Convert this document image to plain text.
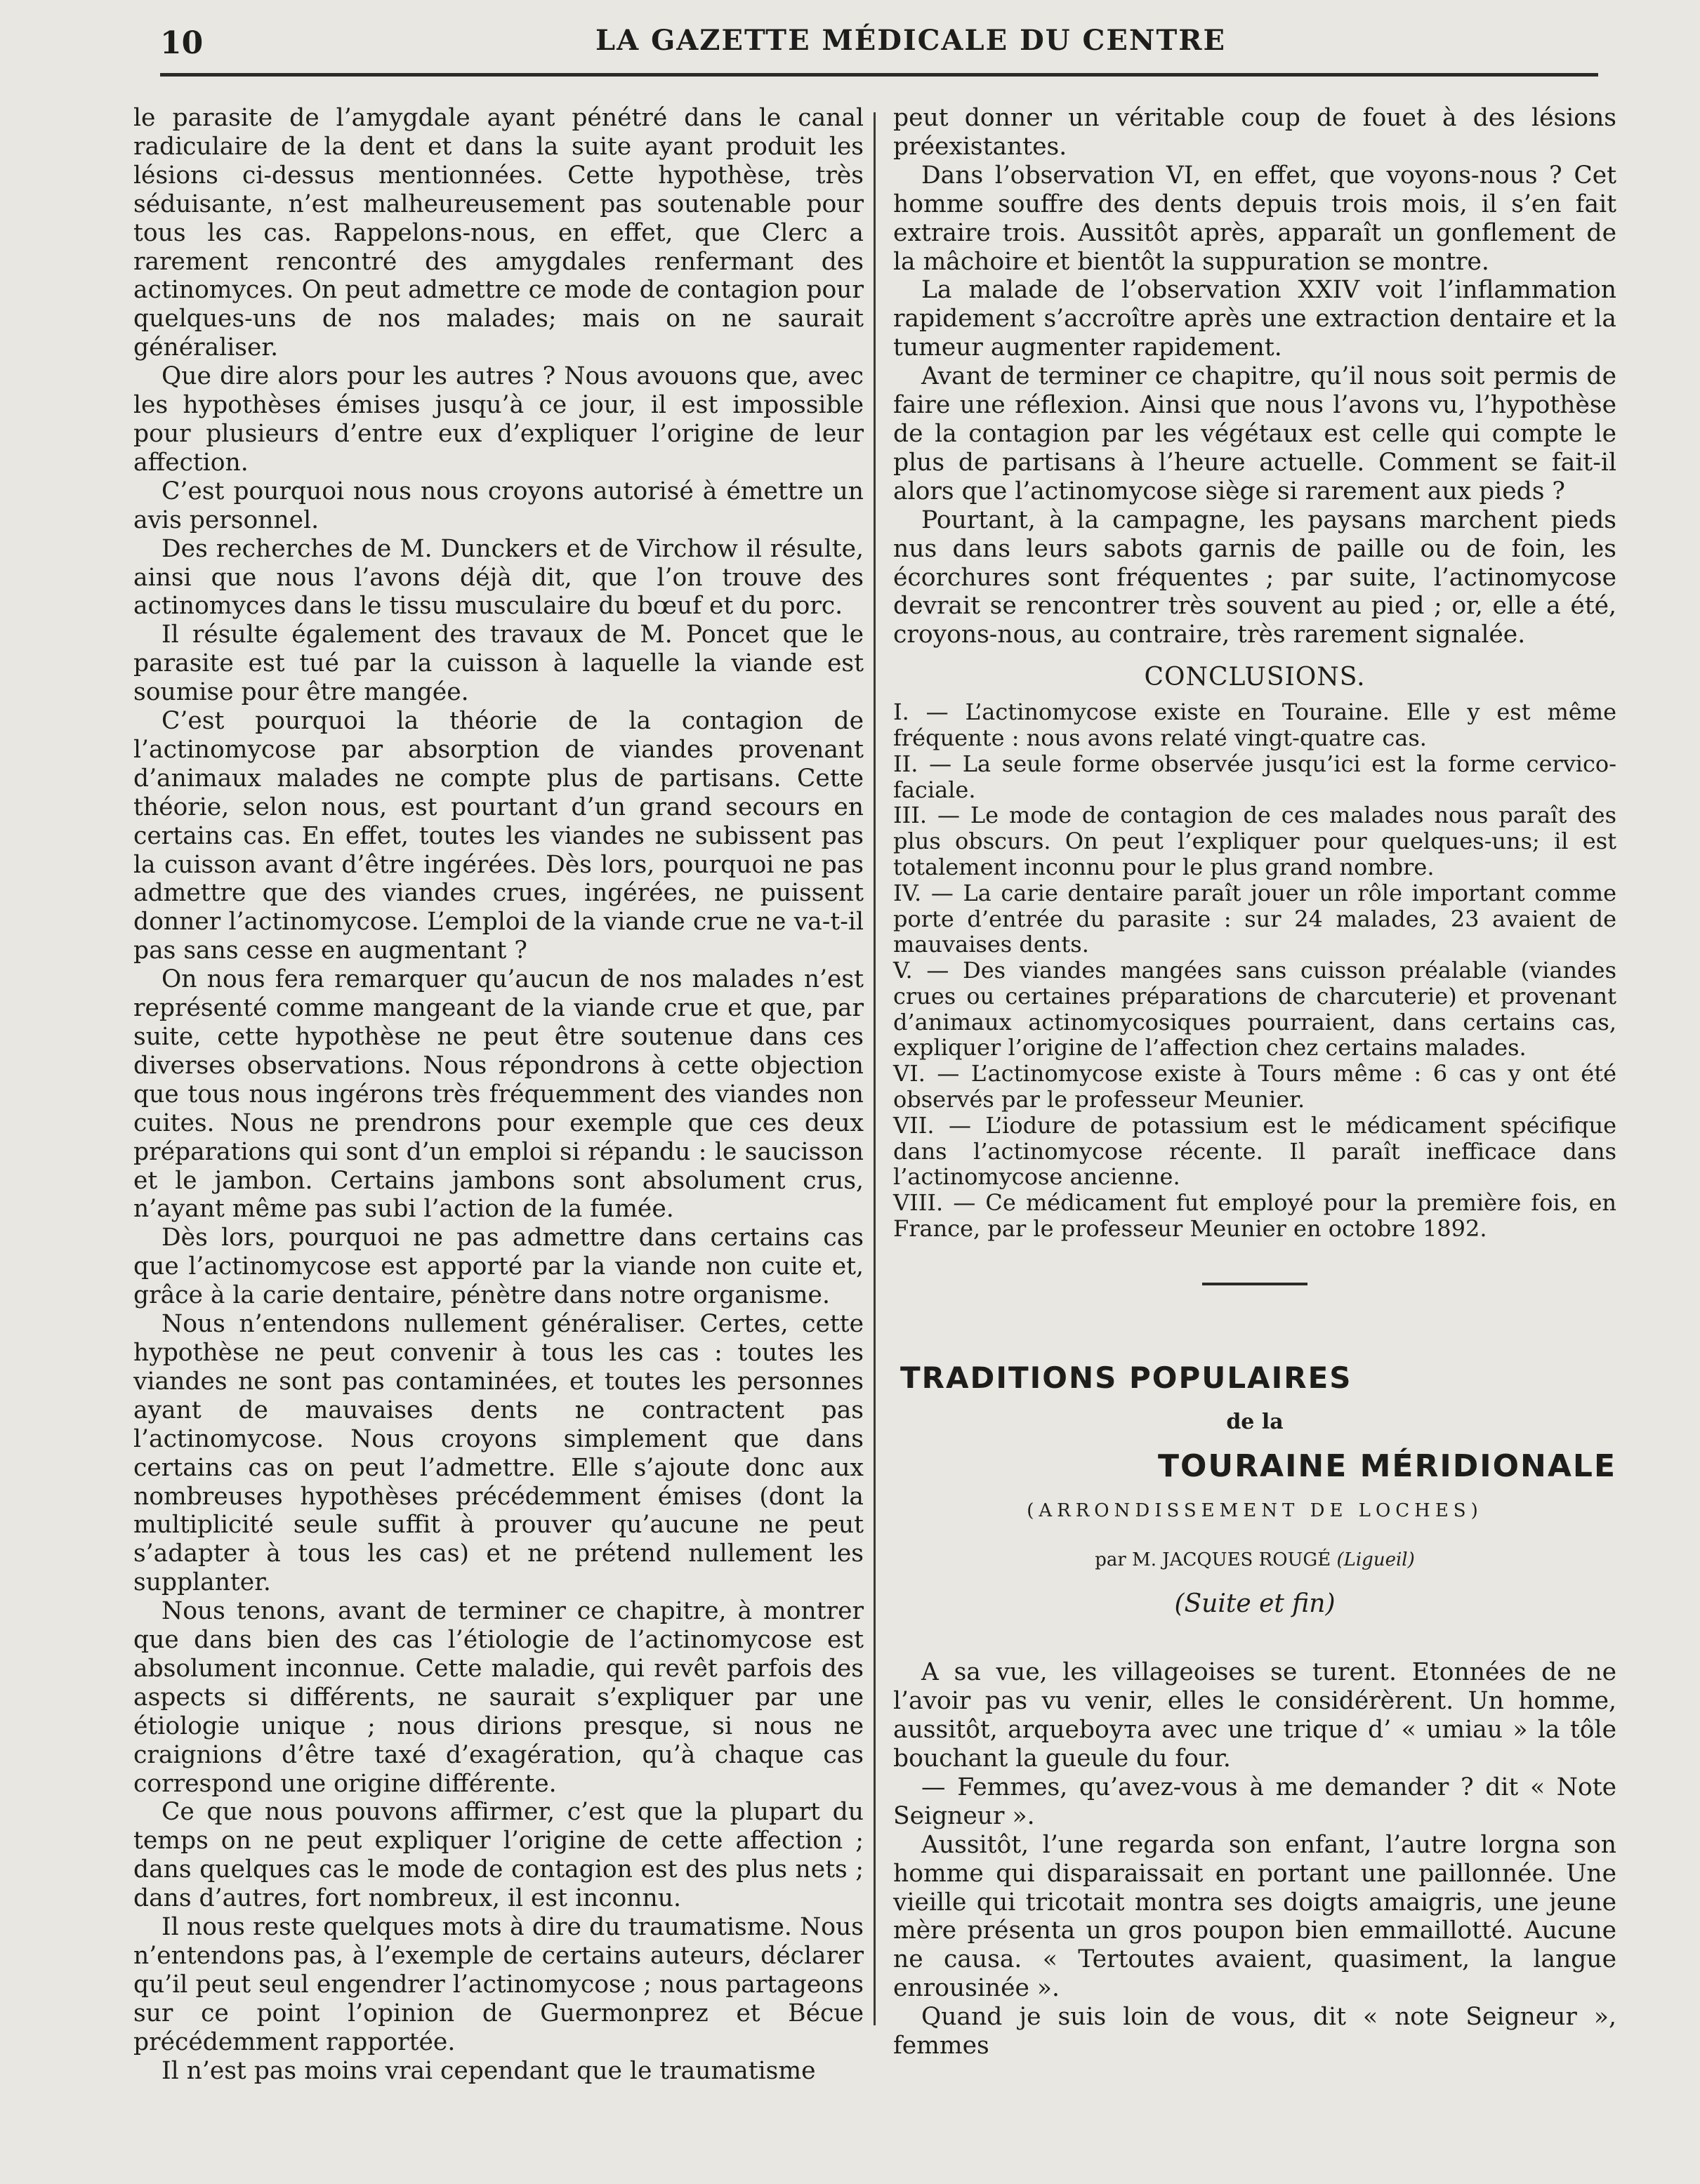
10	LA GAZETTE MÉDICALE DU CENTRE

le parasite de l’amygdale ayant pénétré dans le canal radiculaire de la dent et dans la suite ayant produit les lésions ci-dessus mentionnées. Cette hypothèse, très séduisante, n’est malheureusement pas soutenable pour tous les cas. Rappelons-nous, en effet, que Clerc a rarement rencontré des amygdales renfermant des actinomyces. On peut admettre ce mode de contagion pour quelques-uns de nos malades; mais on ne saurait généraliser.

Que dire alors pour les autres ? Nous avouons que, avec les hypothèses émises jusqu’à ce jour, il est impossible pour plusieurs d’entre eux d’expliquer l’origine de leur affection.

C’est pourquoi nous nous croyons autorisé à émettre un avis personnel.

Des recherches de M. Dunckers et de Virchow il résulte, ainsi que nous l’avons déjà dit, que l’on trouve des actinomyces dans le tissu musculaire du bœuf et du porc.

Il résulte également des travaux de M. Poncet que le parasite est tué par la cuisson à laquelle la viande est soumise pour être mangée.

C’est pourquoi la théorie de la contagion de l’actinomycose par absorption de viandes provenant d’animaux malades ne compte plus de partisans. Cette théorie, selon nous, est pourtant d’un grand secours en certains cas. En effet, toutes les viandes ne subissent pas la cuisson avant d’être ingérées. Dès lors, pourquoi ne pas admettre que des viandes crues, ingérées, ne puissent donner l’actinomycose. L’emploi de la viande crue ne va-t-il pas sans cesse en augmentant ?

On nous fera remarquer qu’aucun de nos malades n’est représenté comme mangeant de la viande crue et que, par suite, cette hypothèse ne peut être soutenue dans ces diverses observations. Nous répondrons à cette objection que tous nous ingérons très fréquemment des viandes non cuites. Nous ne prendrons pour exemple que ces deux préparations qui sont d’un emploi si répandu : le saucisson et le jambon. Certains jambons sont absolument crus, n’ayant même pas subi l’action de la fumée.

Dès lors, pourquoi ne pas admettre dans certains cas que l’actinomycose est apporté par la viande non cuite et, grâce à la carie dentaire, pénètre dans notre organisme.

Nous n’entendons nullement généraliser. Certes, cette hypothèse ne peut convenir à tous les cas : toutes les viandes ne sont pas contaminées, et toutes les personnes ayant de mauvaises dents ne contractent pas l’actinomycose. Nous croyons simplement que dans certains cas on peut l’admettre. Elle s’ajoute donc aux nombreuses hypothèses précédemment émises (dont la multiplicité seule suffit à prouver qu’aucune ne peut s’adapter à tous les cas) et ne prétend nullement les supplanter.

Nous tenons, avant de terminer ce chapitre, à montrer que dans bien des cas l’étiologie de l’actinomycose est absolument inconnue. Cette maladie, qui revêt parfois des aspects si différents, ne saurait s’expliquer par une étiologie unique ; nous dirions presque, si nous ne craignions d’être taxé d’exagération, qu’à chaque cas correspond une origine différente.

Ce que nous pouvons affirmer, c’est que la plupart du temps on ne peut expliquer l’origine de cette affection ; dans quelques cas le mode de contagion est des plus nets ; dans d’autres, fort nombreux, il est inconnu.

Il nous reste quelques mots à dire du traumatisme. Nous n’entendons pas, à l’exemple de certains auteurs, déclarer qu’il peut seul engendrer l’actinomycose ; nous partageons sur ce point l’opinion de Guermonprez et Bécue précédemment rapportée.

Il n’est pas moins vrai cependant que le traumatisme

peut donner un véritable coup de fouet à des lésions préexistantes.

Dans l’observation VI, en effet, que voyons-nous ? Cet homme souffre des dents depuis trois mois, il s’en fait extraire trois. Aussitôt après, apparaît un gonflement de la mâchoire et bientôt la suppuration se montre.

La malade de l’observation XXIV voit l’inflammation rapidement s’accroître après une extraction dentaire et la tumeur augmenter rapidement.

Avant de terminer ce chapitre, qu’il nous soit permis de faire une réflexion. Ainsi que nous l’avons vu, l’hypothèse de la contagion par les végétaux est celle qui compte le plus de partisans à l’heure actuelle. Comment se fait-il alors que l’actinomycose siège si rarement aux pieds ?

Pourtant, à la campagne, les paysans marchent pieds nus dans leurs sabots garnis de paille ou de foin, les écorchures sont fréquentes ; par suite, l’actinomycose devrait se rencontrer très souvent au pied ; or, elle a été, croyons-nous, au contraire, très rarement signalée.

CONCLUSIONS.

I. — L’actinomycose existe en Touraine. Elle y est même fréquente : nous avons relaté vingt-quatre cas.

II. — La seule forme observée jusqu’ici est la forme cervico-faciale.

III. — Le mode de contagion de ces malades nous paraît des plus obscurs. On peut l’expliquer pour quelques-uns; il est totalement inconnu pour le plus grand nombre.

IV. — La carie dentaire paraît jouer un rôle important comme porte d’entrée du parasite : sur 24 malades, 23 avaient de mauvaises dents.

V. — Des viandes mangées sans cuisson préalable (viandes crues ou certaines préparations de charcuterie) et provenant d’animaux actinomycosiques pourraient, dans certains cas, expliquer l’origine de l’affection chez certains malades.

VI. — L’actinomycose existe à Tours même : 6 cas y ont été observés par le professeur Meunier.

VII. — L’iodure de potassium est le médicament spécifique dans l’actinomycose récente. Il paraît inefficace dans l’actinomycose ancienne.

VIII. — Ce médicament fut employé pour la première fois, en France, par le professeur Meunier en octobre 1892.

TRADITIONS POPULAIRES
de la
TOURAINE MÉRIDIONALE
(ARRONDISSEMENT DE LOCHES)
par M. JACQUES ROUGÉ (Ligueil)
(Suite et fin)

A sa vue, les villageoises se turent. Etonnées de ne l’avoir pas vu venir, elles le considérèrent. Un homme, aussitôt, arqueboута avec une trique d’ « umiau » la tôle bouchant la gueule du four.

— Femmes, qu’avez-vous à me demander ? dit « Note Seigneur ».

Aussitôt, l’une regarda son enfant, l’autre lorgna son homme qui disparaissait en portant une paillonnée. Une vieille qui tricotait montra ses doigts amaigris, une jeune mère présenta un gros poupon bien emmaillotté. Aucune ne causa. « Tertoutes avaient, quasiment, la langue enrousinée ».

Quand je suis loin de vous, dit « note Seigneur », femmes
